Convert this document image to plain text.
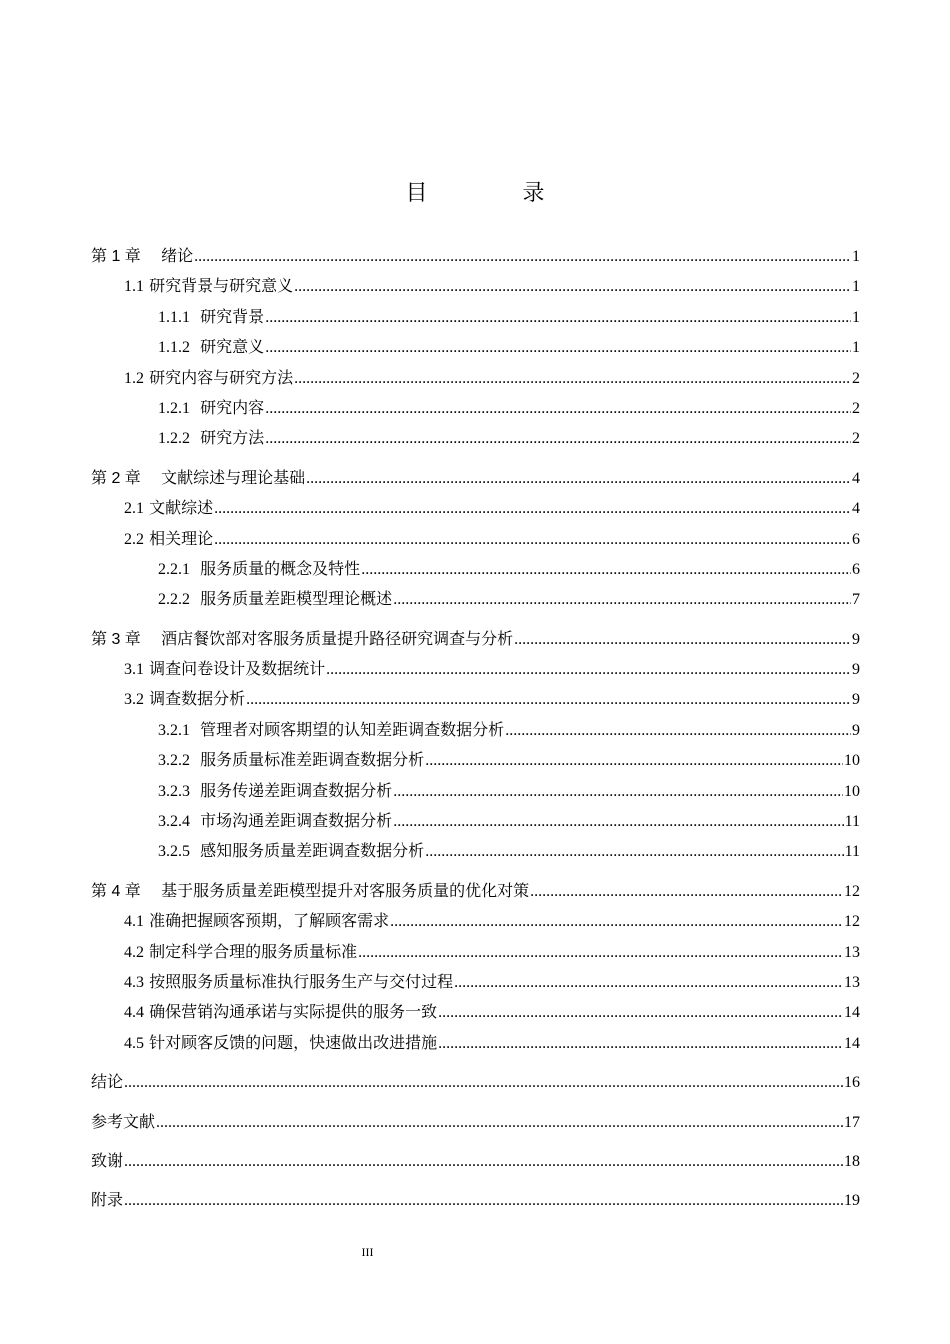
目 录
第 1 章 绪论 .....	1
1.1 研究背景与研究意义 .....	1
1.1.1 研究背景 .....	1
1.1.2 研究意义 .....	1
1.2 研究内容与研究方法 .....	2
1.2.1 研究内容 .....	2
1.2.2 研究方法 .....	2
第 2 章 文献综述与理论基础 .....	4
2.1 文献综述 .....	4
2.2 相关理论 .....	6
2.2.1 服务质量的概念及特性 .....	6
2.2.2 服务质量差距模型理论概述 .....	7
第 3 章 酒店餐饮部对客服务质量提升路径研究调查与分析 .....	9
3.1 调查问卷设计及数据统计 .....	9
3.2 调查数据分析 .....	9
3.2.1 管理者对顾客期望的认知差距调查数据分析 .....	9
3.2.2 服务质量标准差距调查数据分析 .....	10
3.2.3 服务传递差距调查数据分析 .....	10
3.2.4 市场沟通差距调查数据分析 .....	11
3.2.5 感知服务质量差距调查数据分析 .....	11
第 4 章 基于服务质量差距模型提升对客服务质量的优化对策 .....	12
4.1 准确把握顾客预期，了解顾客需求 .....	12
4.2 制定科学合理的服务质量标准 .....	13
4.3 按照服务质量标准执行服务生产与交付过程 .....	13
4.4 确保营销沟通承诺与实际提供的服务一致 .....	14
4.5 针对顾客反馈的问题，快速做出改进措施 .....	14
结论 .....	16
参考文献 .....	17
致谢 .....	18
附录 .....	19
III
